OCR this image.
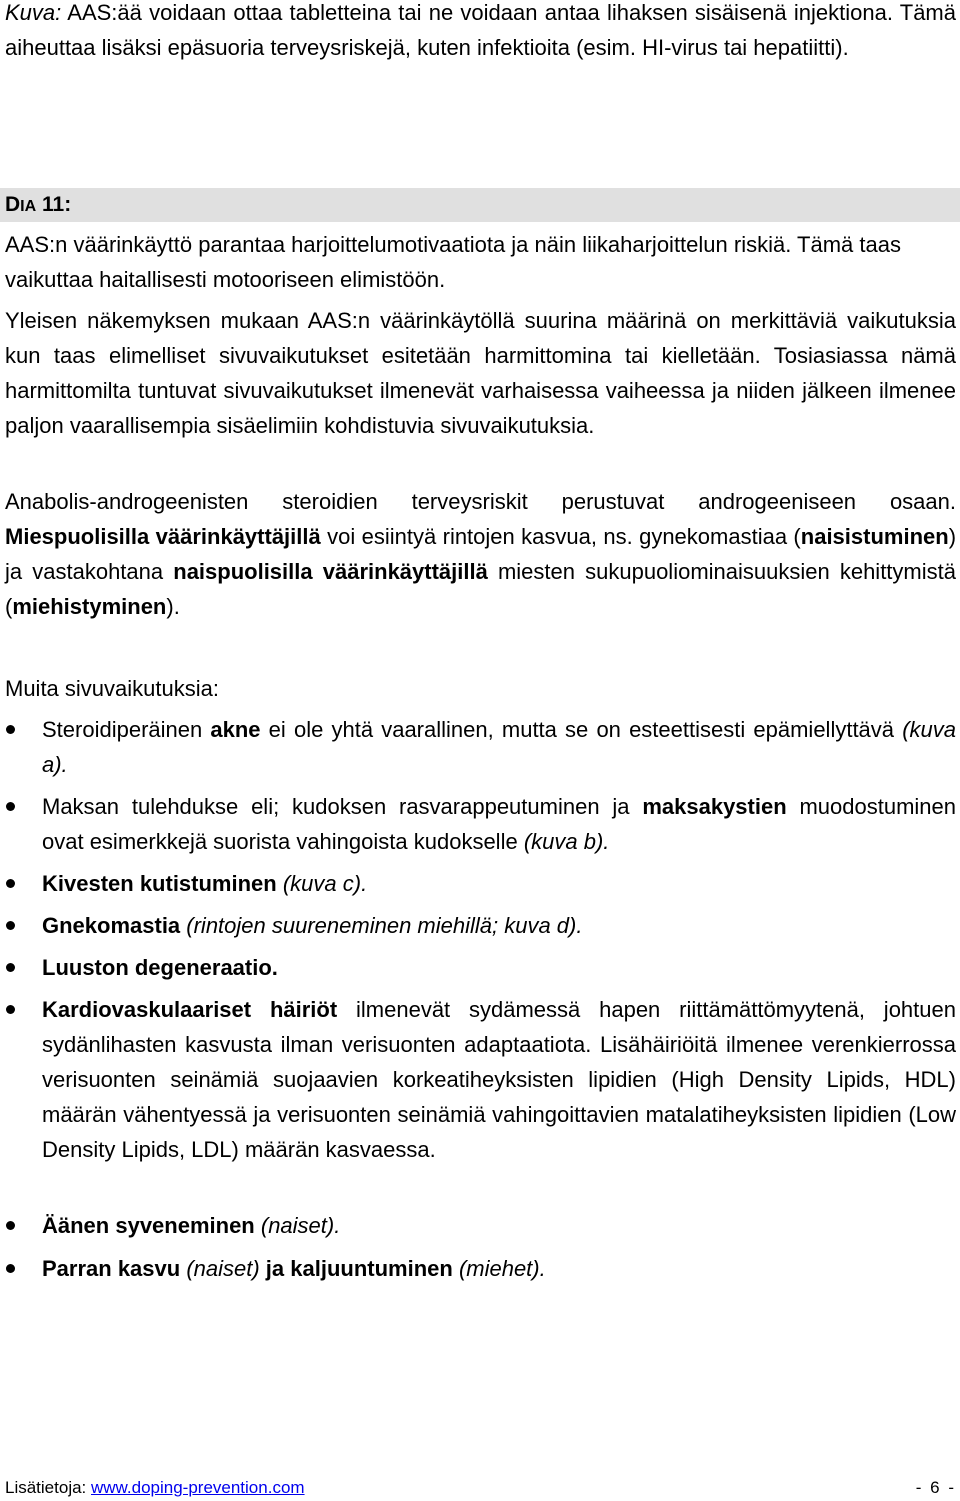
Kuva: AAS:ää voidaan ottaa tabletteina tai ne voidaan antaa lihaksen sisäisenä injektiona. Tämä aiheuttaa lisäksi epäsuoria terveysriskejä, kuten infektioita (esim. HI-virus tai hepatiitti).

DIA 11:

AAS:n väärinkäyttö parantaa harjoittelumotivaatiota ja näin liikaharjoittelun riskiä. Tämä taas vaikuttaa haitallisesti motooriseen elimistöön.

Yleisen näkemyksen mukaan AAS:n väärinkäytöllä suurina määrinä on merkittäviä vaikutuksia kun taas elimelliset sivuvaikutukset esitetään harmittomina tai kielletään. Tosiasiassa nämä harmittomilta tuntuvat sivuvaikutukset ilmenevät varhaisessa vaiheessa ja niiden jälkeen ilmenee paljon vaarallisempia sisäelimiin kohdistuvia sivuvaikutuksia.

Anabolis-androgeenisten steroidien terveysriskit perustuvat androgeeniseen osaan. Miespuolisilla väärinkäyttäjillä voi esiintyä rintojen kasvua, ns. gynekomastiaa (naisistuminen) ja vastakohtana naispuolisilla väärinkäyttäjillä miesten sukupuoliominaisuuksien kehittymistä (miehistyminen).

Muita sivuvaikutuksia:

Steroidiperäinen akne ei ole yhtä vaarallinen, mutta se on esteettisesti epämiellyttävä (kuva a).
Maksan tulehdukse eli; kudoksen rasvarappeutuminen ja maksakystien muodostuminen ovat esimerkkejä suorista vahingoista kudokselle (kuva b).
Kivesten kutistuminen (kuva c).
Gnekomastia (rintojen suureneminen miehillä; kuva d).
Luuston degeneraatio.
Kardiovaskulaariset häiriöt ilmenevät sydämessä hapen riittämättömyytenä, johtuen sydänlihasten kasvusta ilman verisuonten adaptaatiota. Lisähäiriöitä ilmenee verenkierrossa verisuonten seinämiä suojaavien korkeatiheyksisten lipidien (High Density Lipids, HDL) määrän vähentyessä ja verisuonten seinämiä vahingoittavien matalatiheyksisten lipidien (Low Density Lipids, LDL) määrän kasvaessa.
Äänen syveneminen (naiset).
Parran kasvu (naiset) ja kaljuuntuminen (miehet).
Lisätietoja: www.doping-prevention.com	- 6 -
